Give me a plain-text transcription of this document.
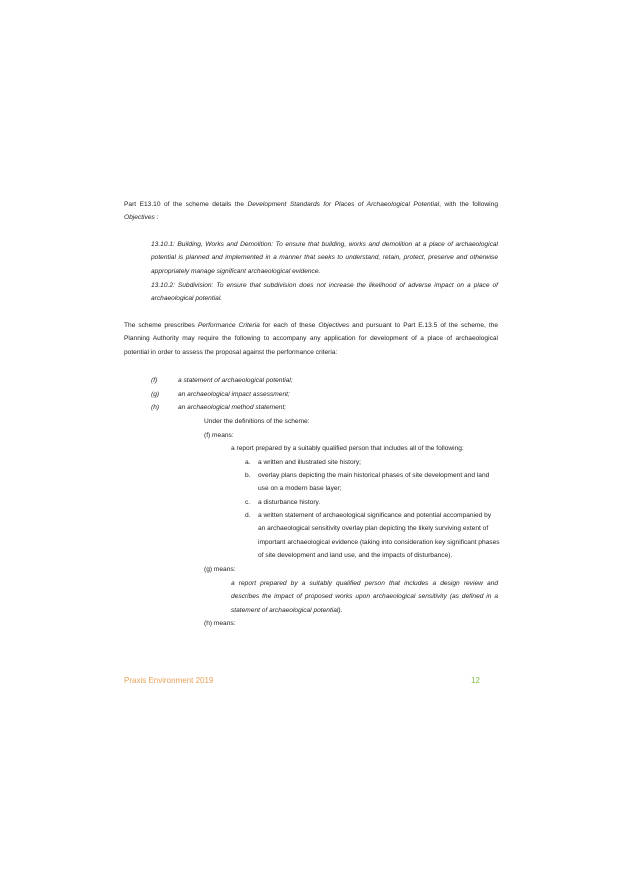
Part E13.10 of the scheme details the Development Standards for Places of Archaeological Potential, with the following Objectives :
13.10.1: Building, Works and Demolition: To ensure that building, works and demolition at a place of archaeological potential is planned and implemented in a manner that seeks to understand, retain, protect, preserve and otherwise appropriately manage significant archaeological evidence.
13.10.2: Subdivision: To ensure that subdivision does not increase the likelihood of adverse impact on a place of archaeological potential.
The scheme prescribes Performance Criteria for each of these Objectives and pursuant to Part E.13.5 of the scheme, the Planning Authority may require the following to accompany any application for development of a place of archaeological potential in order to assess the proposal against the performance criteria:
(f)	a statement of archaeological potential;
(g)	an archaeological impact assessment;
(h)	an archaeological method statement;
Under the definitions of the scheme:
(f) means:
a report prepared by a suitably qualified person that includes all of the following:
a. a written and illustrated site history;
b. overlay plans depicting the main historical phases of site development and land use on a modern base layer;
c. a disturbance history.
d. a written statement of archaeological significance and potential accompanied by an archaeological sensitivity overlay plan depicting the likely surviving extent of important archaeological evidence (taking into consideration key significant phases of site development and land use, and the impacts of disturbance).
(g) means:
a report prepared by a suitably qualified person that includes a design review and describes the impact of proposed works upon archaeological sensitivity (as defined in a statement of archaeological potential).
(h) means:
Praxis Environment 2019	12
